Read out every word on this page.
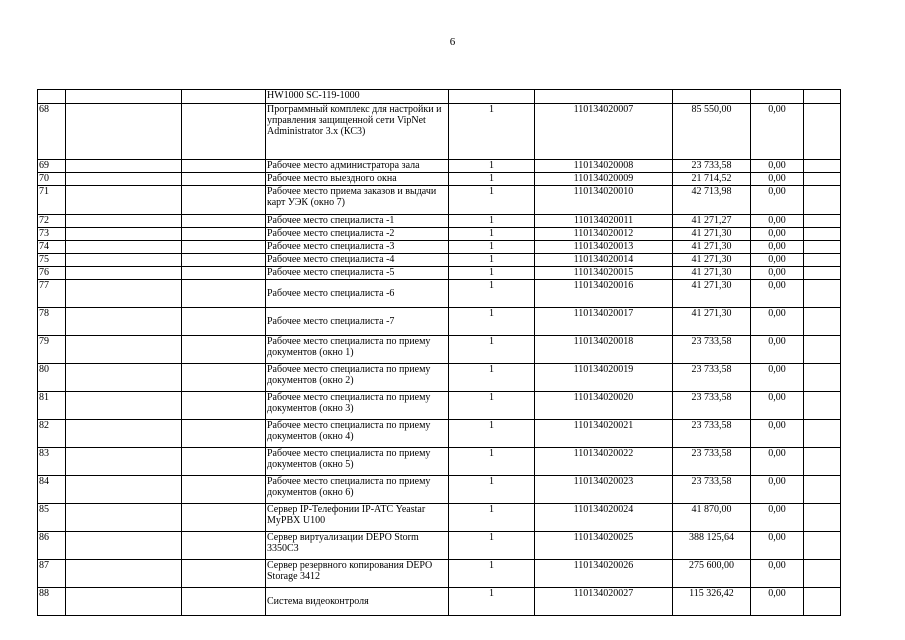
6
			HW1000 SC-119-1000					
68			Программный комплекс для настройки и управления защищенной сети VipNet Administrator 3.x (КС3)	1	110134020007	85 550,00	0,00	
69			Рабочее место администратора зала	1	110134020008	23 733,58	0,00	
70			Рабочее место выездного окна	1	110134020009	21 714,52	0,00	
71			Рабочее место приема заказов и выдачи карт УЭК (окно 7)	1	110134020010	42 713,98	0,00	
72			Рабочее место специалиста -1	1	110134020011	41 271,27	0,00	
73			Рабочее место специалиста -2	1	110134020012	41 271,30	0,00	
74			Рабочее место специалиста -3	1	110134020013	41 271,30	0,00	
75			Рабочее место специалиста -4	1	110134020014	41 271,30	0,00	
76			Рабочее место специалиста -5	1	110134020015	41 271,30	0,00	
77			Рабочее место специалиста -6	1	110134020016	41 271,30	0,00	
78			Рабочее место специалиста -7	1	110134020017	41 271,30	0,00	
79			Рабочее место специалиста по приему документов (окно 1)	1	110134020018	23 733,58	0,00	
80			Рабочее место специалиста по приему документов (окно 2)	1	110134020019	23 733,58	0,00	
81			Рабочее место специалиста по приему документов (окно 3)	1	110134020020	23 733,58	0,00	
82			Рабочее место специалиста по приему документов (окно 4)	1	110134020021	23 733,58	0,00	
83			Рабочее место специалиста по приему документов (окно 5)	1	110134020022	23 733,58	0,00	
84			Рабочее место специалиста по приему документов (окно 6)	1	110134020023	23 733,58	0,00	
85			Сервер IP-Телефонии IP-АТС Yeastar MyPBX U100	1	110134020024	41 870,00	0,00	
86			Сервер виртуализации DEPO Storm 3350C3	1	110134020025	388 125,64	0,00	
87			Сервер резервного копирования DEPO Storage 3412	1	110134020026	275 600,00	0,00	
88			Система видеоконтроля	1	110134020027	115 326,42	0,00	
